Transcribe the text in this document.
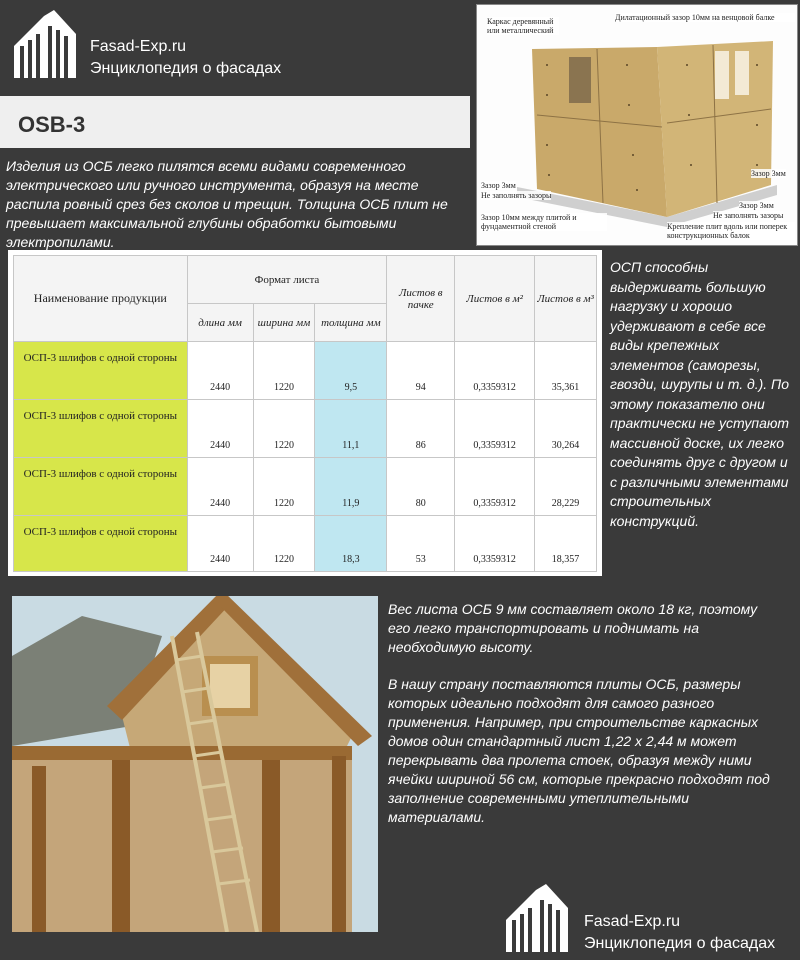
Fasad-Exp.ru
Энциклопедия о фасадах
OSB-3
Изделия из ОСБ легко пилятся всеми видами современного электрического или ручного инструмента, образуя на месте распила ровный срез без сколов и трещин. Толщина ОСБ плит не превышает максимальной глубины обработки бытовыми электропилами.
Каркас деревянный или металлический
Дилатационный зазор 10мм на венцовой балке
Зазор 3мм
Не заполнять зазоры
Зазор 10мм между плитой и фундаментной стеной
Зазор 3мм
Зазор 3мм
Не заполнять зазоры
Крепление плит вдоль или поперек конструкционных балок
Наименование продукции	Формат листа			Листов в пачке	Листов в м²	Листов в м³
	длина мм	ширина мм	толщина мм			
ОСП-3 шлифов с одной стороны	2440	1220	9,5	94	0,3359312	35,361
ОСП-3 шлифов с одной стороны	2440	1220	11,1	86	0,3359312	30,264
ОСП-3 шлифов с одной стороны	2440	1220	11,9	80	0,3359312	28,229
ОСП-3 шлифов с одной стороны	2440	1220	18,3	53	0,3359312	18,357
ОСП способны выдерживать большую нагрузку и хорошо удерживают в себе все виды крепежных элементов (саморезы, гвозди, шурупы и т. д.). По этому показателю они практически не уступают массивной доске, их легко соединять друг с другом и с различными элементами строительных конструкций.
Вес листа ОСБ 9 мм составляет около 18 кг, поэтому его легко транспортировать и поднимать на необходимую высоту.
В нашу страну поставляются плиты ОСБ, размеры которых идеально подходят для самого разного применения. Например, при строительстве каркасных домов один стандартный лист 1,22 х 2,44 м может перекрывать два пролета стоек, образуя между ними ячейки шириной 56 см, которые прекрасно подходят под заполнение современными утеплительными материалами.
Fasad-Exp.ru
Энциклопедия о фасадах
